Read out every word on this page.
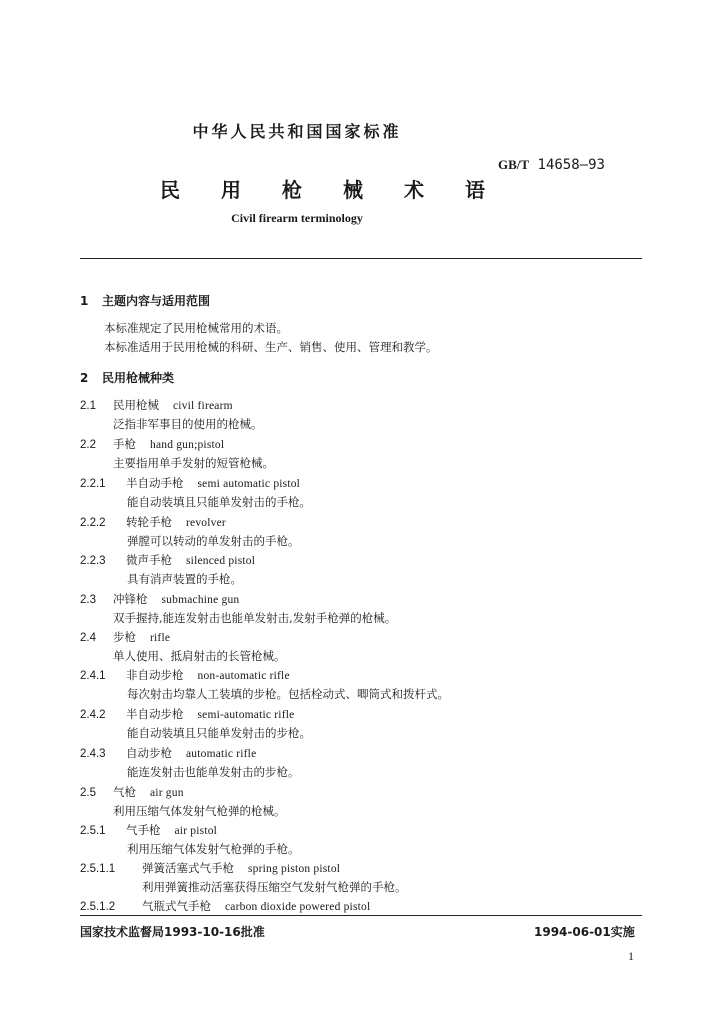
中华人民共和国国家标准
GB/T 14658—93
民用枪械术语
Civil firearm terminology
1 主题内容与适用范围
本标准规定了民用枪械常用的术语。
本标准适用于民用枪械的科研、生产、销售、使用、管理和教学。
2 民用枪械种类
2.1 民用枪械 civil firearm
泛指非军事目的使用的枪械。
2.2 手枪 hand gun;pistol
主要指用单手发射的短管枪械。
2.2.1 半自动手枪 semi automatic pistol
能自动装填且只能单发射击的手枪。
2.2.2 转轮手枪 revolver
弹膛可以转动的单发射击的手枪。
2.2.3 微声手枪 silenced pistol
具有消声装置的手枪。
2.3 冲锋枪 submachine gun
双手握持,能连发射击也能单发射击,发射手枪弹的枪械。
2.4 步枪 rifle
单人使用、抵肩射击的长管枪械。
2.4.1 非自动步枪 non-automatic rifle
每次射击均靠人工装填的步枪。包括栓动式、唧筒式和拨杆式。
2.4.2 半自动步枪 semi-automatic rifle
能自动装填且只能单发射击的步枪。
2.4.3 自动步枪 automatic rifle
能连发射击也能单发射击的步枪。
2.5 气枪 air gun
利用压缩气体发射气枪弹的枪械。
2.5.1 气手枪 air pistol
利用压缩气体发射气枪弹的手枪。
2.5.1.1 弹簧活塞式气手枪 spring piston pistol
利用弹簧推动活塞获得压缩空气发射气枪弹的手枪。
2.5.1.2 气瓶式气手枪 carbon dioxide powered pistol
国家技术监督局1993-10-16批准	1994-06-01实施
1
